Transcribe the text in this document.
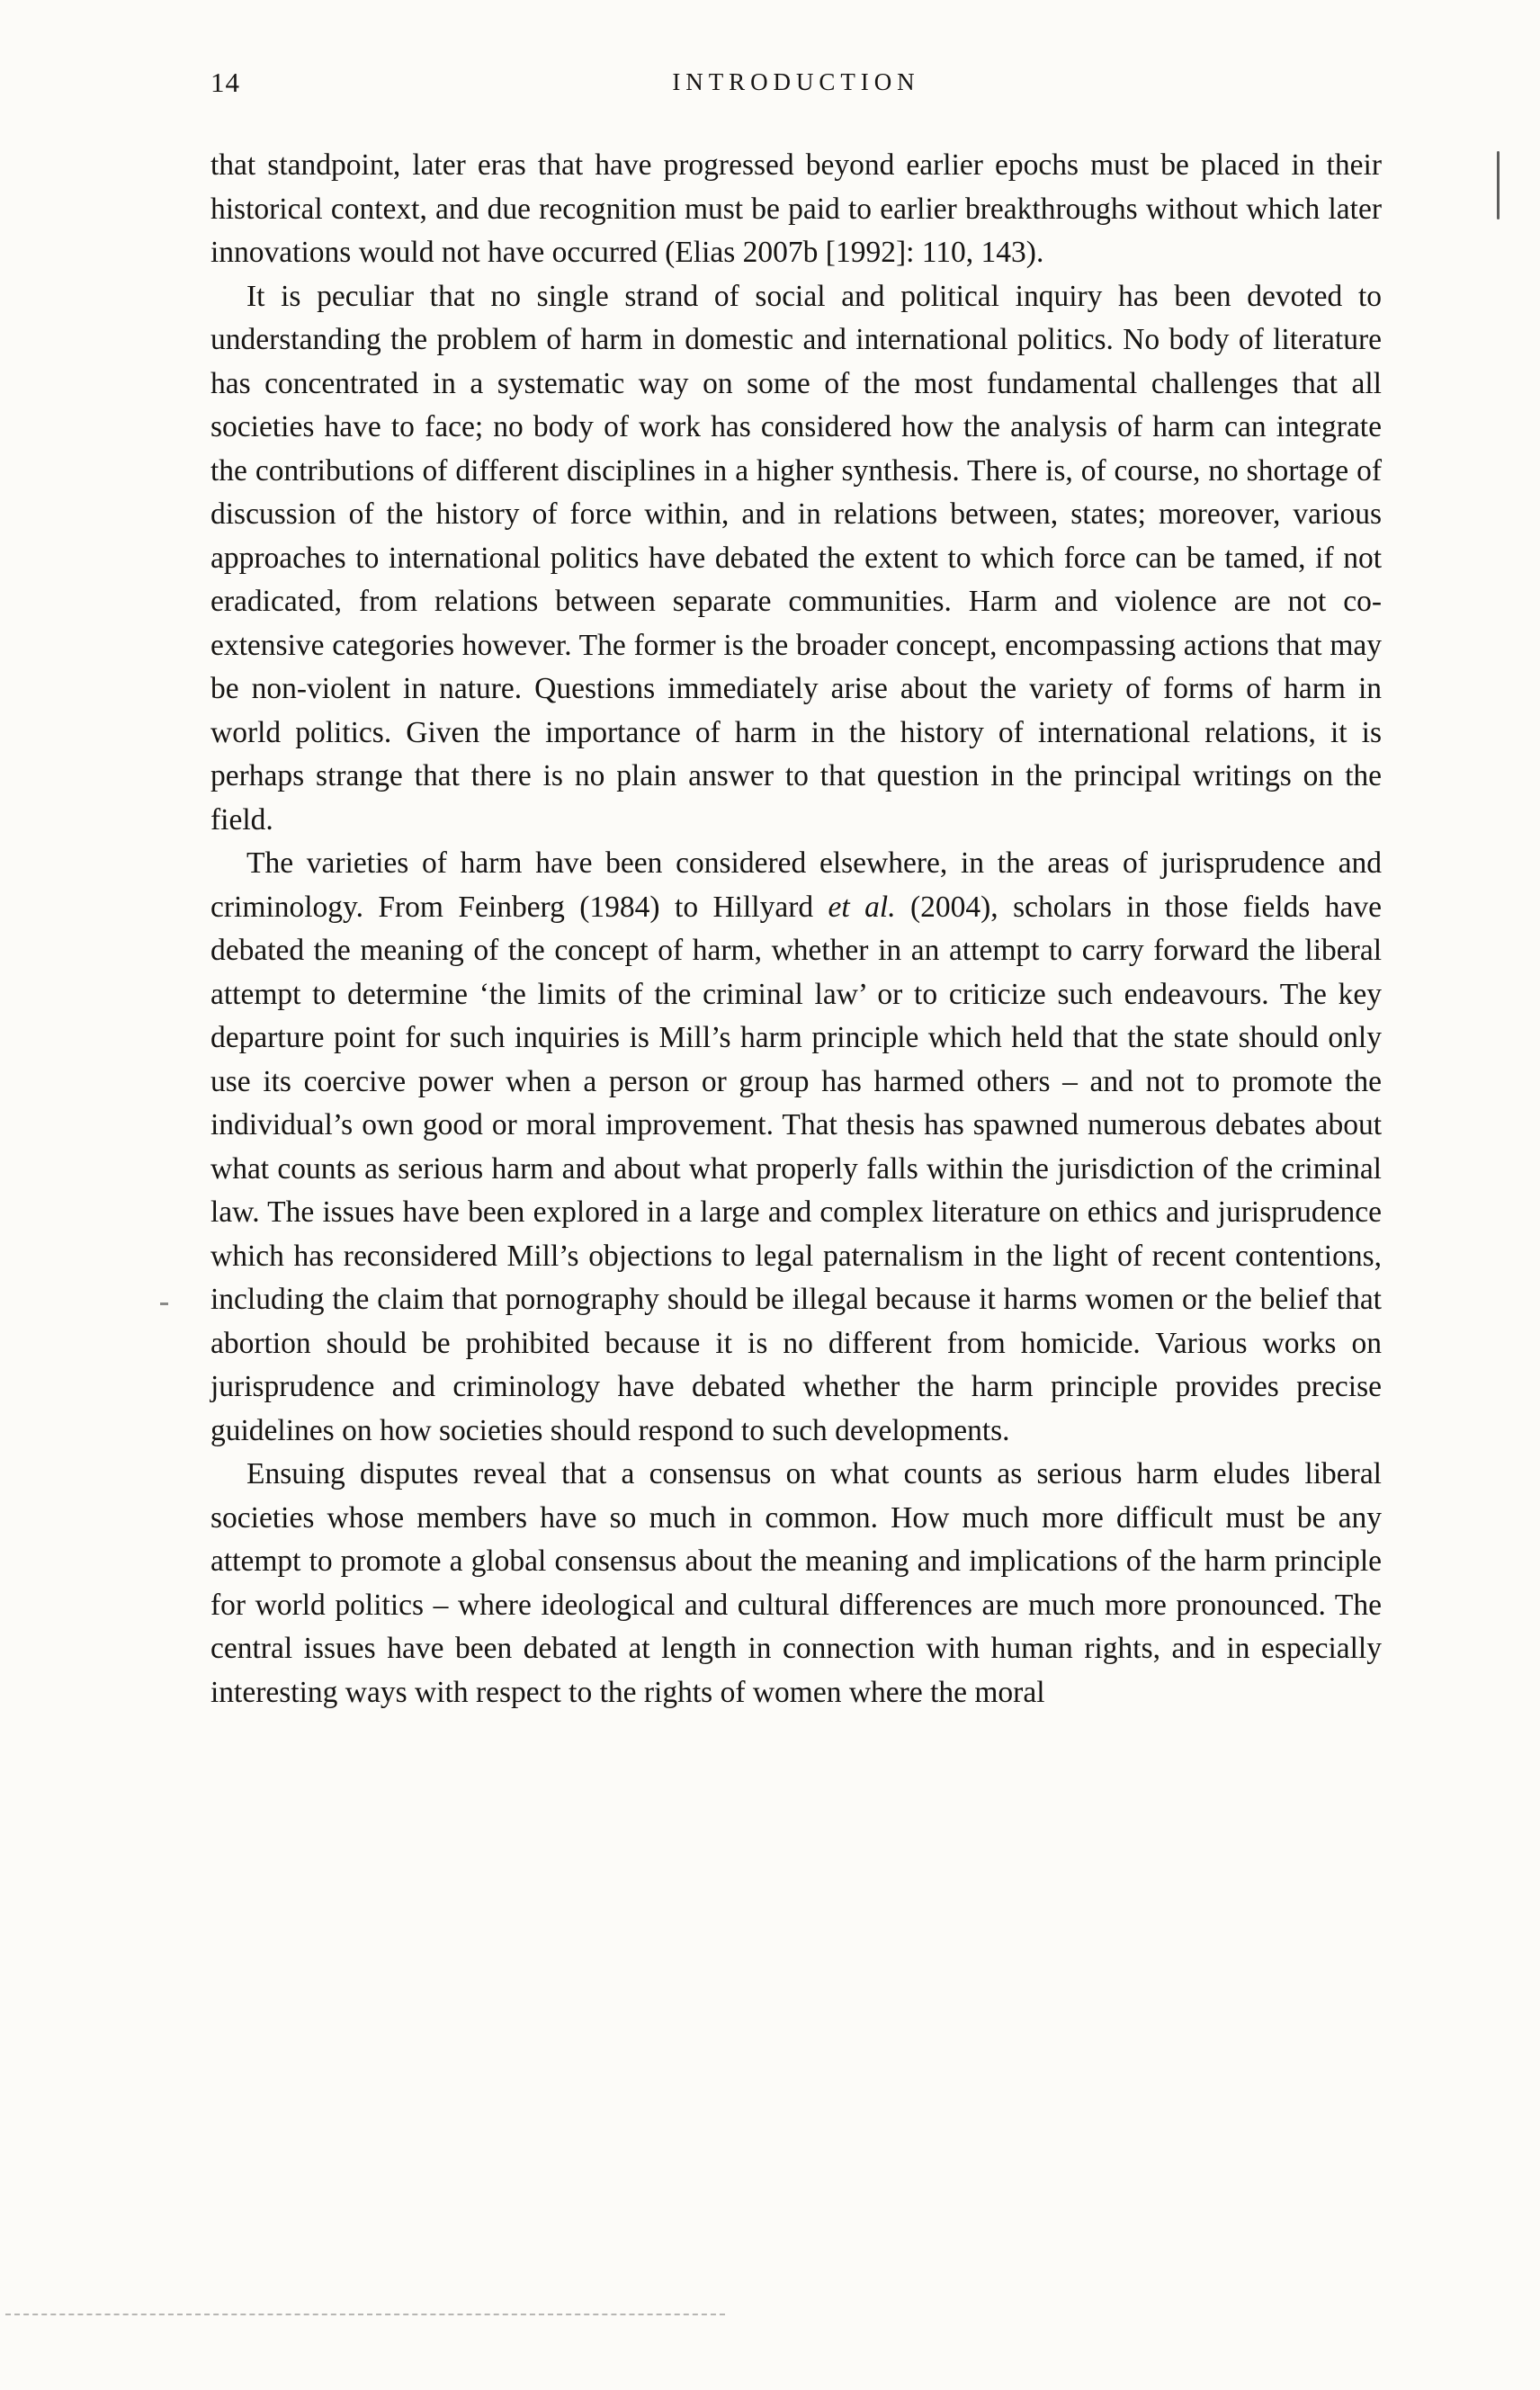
14	INTRODUCTION

that standpoint, later eras that have progressed beyond earlier epochs must be placed in their historical context, and due recognition must be paid to earlier breakthroughs without which later innovations would not have occurred (Elias 2007b [1992]: 110, 143).

It is peculiar that no single strand of social and political inquiry has been devoted to understanding the problem of harm in domestic and international politics. No body of literature has concentrated in a systematic way on some of the most fundamental challenges that all societies have to face; no body of work has considered how the analysis of harm can integrate the contributions of different disciplines in a higher synthesis. There is, of course, no shortage of discussion of the history of force within, and in relations between, states; moreover, various approaches to international politics have debated the extent to which force can be tamed, if not eradicated, from relations between separate communities. Harm and violence are not co-extensive categories however. The former is the broader concept, encompassing actions that may be non-violent in nature. Questions immediately arise about the variety of forms of harm in world politics. Given the importance of harm in the history of international relations, it is perhaps strange that there is no plain answer to that question in the principal writings on the field.

The varieties of harm have been considered elsewhere, in the areas of jurisprudence and criminology. From Feinberg (1984) to Hillyard et al. (2004), scholars in those fields have debated the meaning of the concept of harm, whether in an attempt to carry forward the liberal attempt to determine ‘the limits of the criminal law’ or to criticize such endeavours. The key departure point for such inquiries is Mill’s harm principle which held that the state should only use its coercive power when a person or group has harmed others – and not to promote the individual’s own good or moral improvement. That thesis has spawned numerous debates about what counts as serious harm and about what properly falls within the jurisdiction of the criminal law. The issues have been explored in a large and complex literature on ethics and jurisprudence which has reconsidered Mill’s objections to legal paternalism in the light of recent contentions, including the claim that pornography should be illegal because it harms women or the belief that abortion should be prohibited because it is no different from homicide. Various works on jurisprudence and criminology have debated whether the harm principle provides precise guidelines on how societies should respond to such developments.

Ensuing disputes reveal that a consensus on what counts as serious harm eludes liberal societies whose members have so much in common. How much more difficult must be any attempt to promote a global consensus about the meaning and implications of the harm principle for world politics – where ideological and cultural differences are much more pronounced. The central issues have been debated at length in connection with human rights, and in especially interesting ways with respect to the rights of women where the moral
